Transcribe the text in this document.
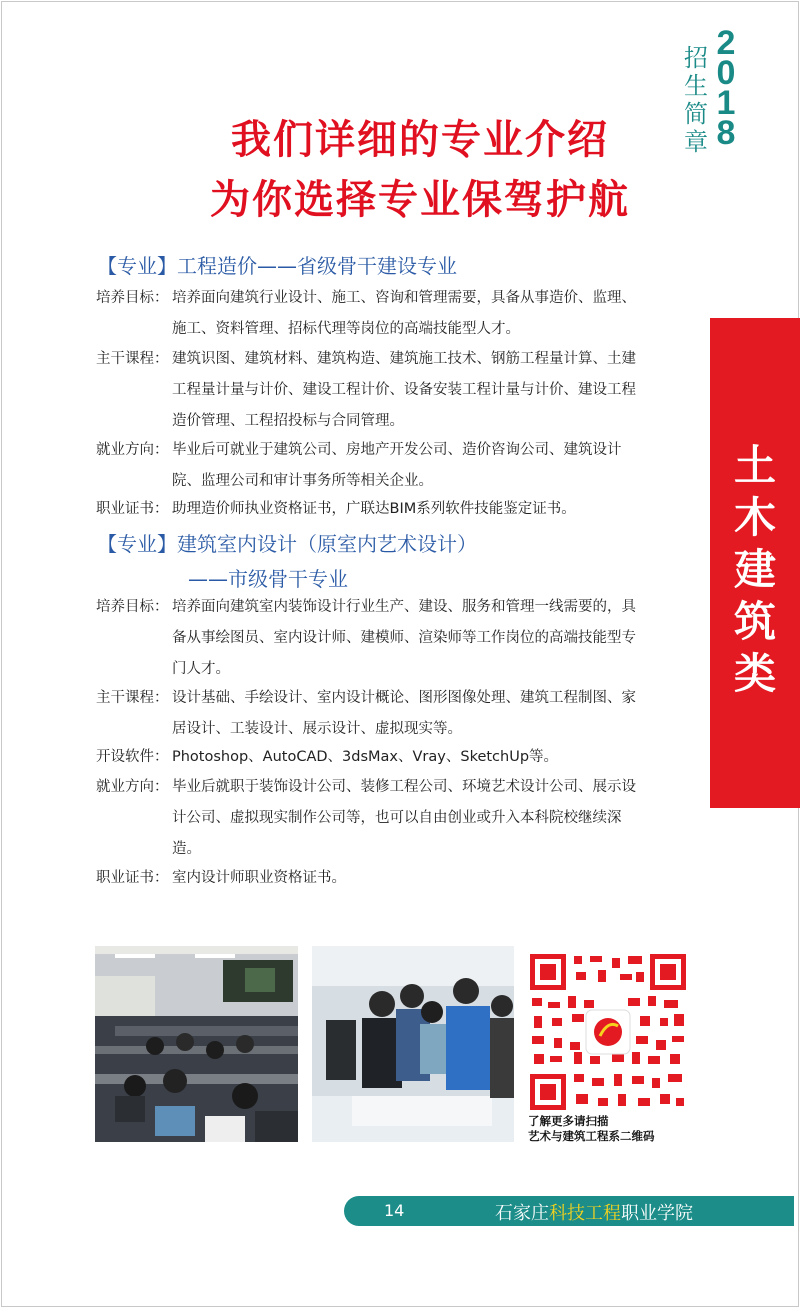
2
0
1
8
招
生
简
章
我们详细的专业介绍
为你选择专业保驾护航
土
木
建
筑
类
【专业】工程造价——省级骨干建设专业
培养目标： 培养面向建筑行业设计、施工、咨询和管理需要，具备从事造价、监理、
施工、资料管理、招标代理等岗位的高端技能型人才。
主干课程： 建筑识图、建筑材料、建筑构造、建筑施工技术、钢筋工程量计算、土建
工程量计量与计价、建设工程计价、设备安装工程计量与计价、建设工程
造价管理、工程招投标与合同管理。
就业方向： 毕业后可就业于建筑公司、房地产开发公司、造价咨询公司、建筑设计
院、监理公司和审计事务所等相关企业。
职业证书： 助理造价师执业资格证书，广联达BIM系列软件技能鉴定证书。
【专业】建筑室内设计（原室内艺术设计）
——市级骨干专业
培养目标： 培养面向建筑室内装饰设计行业生产、建设、服务和管理一线需要的，具
备从事绘图员、室内设计师、建模师、渲染师等工作岗位的高端技能型专
门人才。
主干课程： 设计基础、手绘设计、室内设计概论、图形图像处理、建筑工程制图、家
居设计、工装设计、展示设计、虚拟现实等。
开设软件： Photoshop、AutoCAD、3dsMax、Vray、SketchUp等。
就业方向： 毕业后就职于装饰设计公司、装修工程公司、环境艺术设计公司、展示设
计公司、虚拟现实制作公司等，也可以自由创业或升入本科院校继续深
造。
职业证书： 室内设计师职业资格证书。
了解更多请扫描
艺术与建筑工程系二维码
14	石家庄科技工程职业学院
